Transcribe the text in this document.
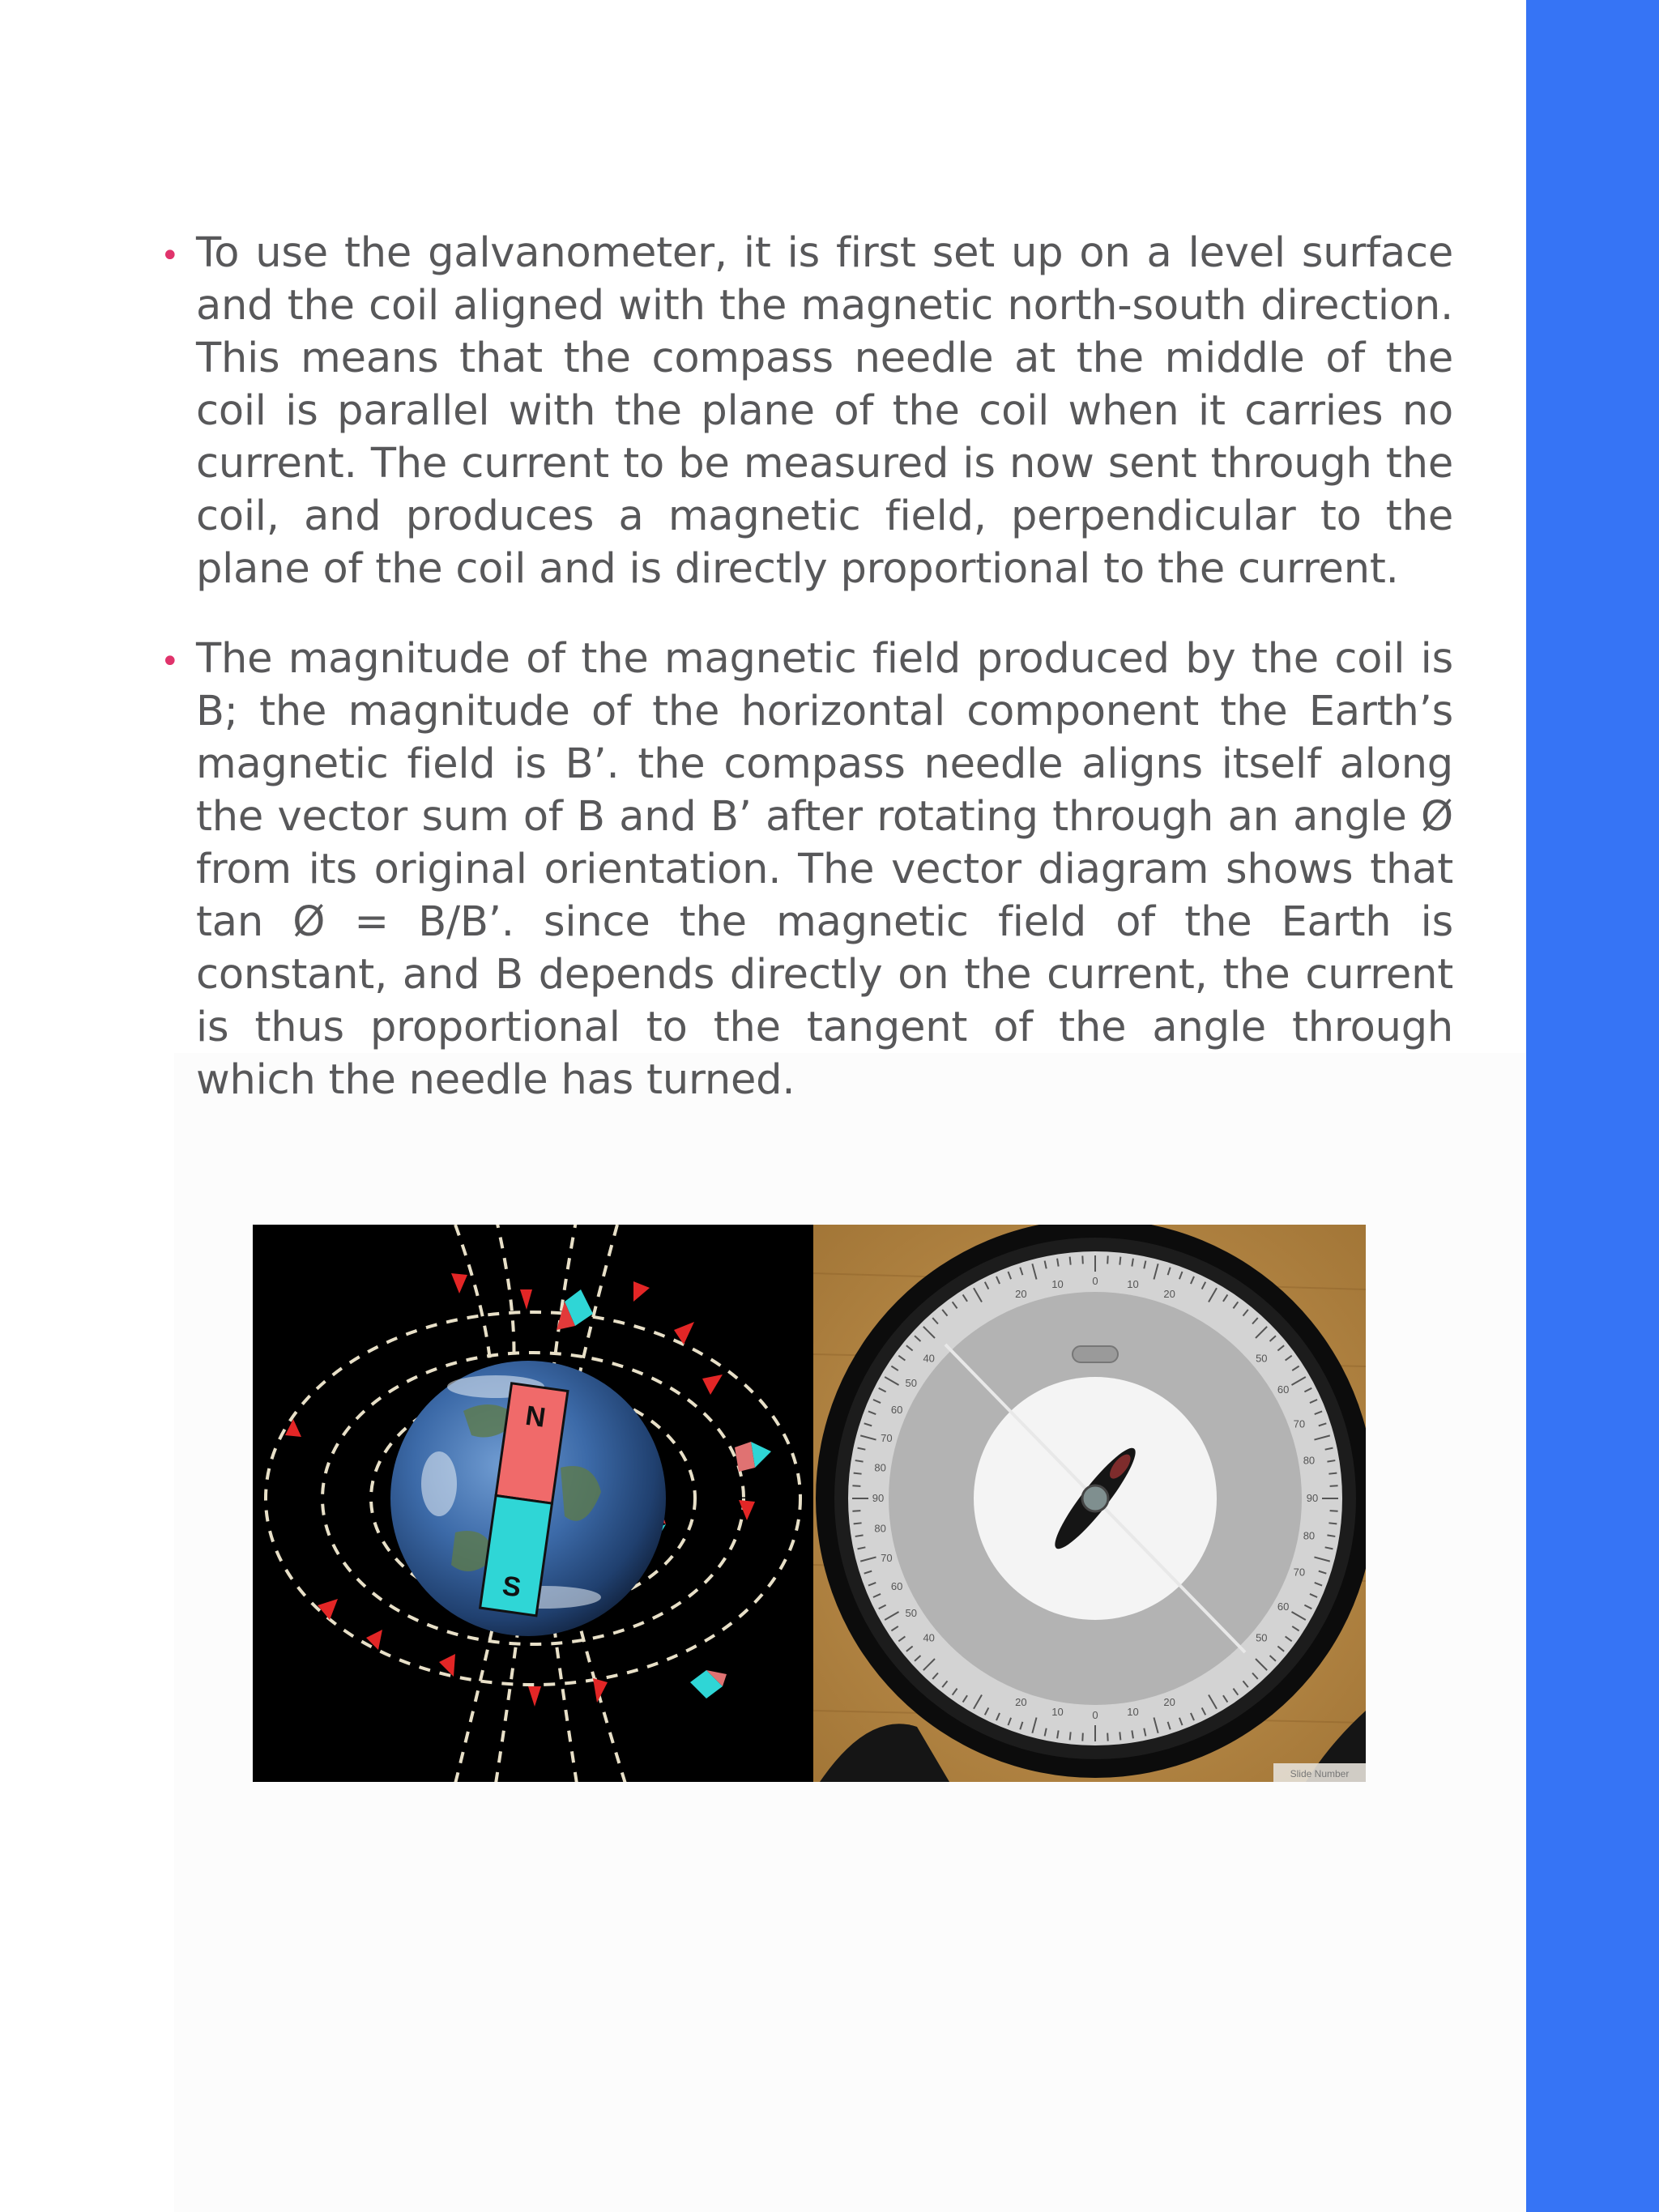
• To use the galvanometer, it is first set up on a level surface and the coil aligned with the magnetic north-south direction. This means that the compass needle at the middle of the coil is parallel with the plane of the coil when it carries no current. The current to be measured is now sent through the coil, and produces a magnetic field, perpendicular to the plane of the coil and is directly proportional to the current.
• The magnitude of the magnetic field produced by the coil is B; the magnitude of the horizontal component the Earth’s magnetic field is B’. the compass needle aligns itself along the vector sum of B and B’ after rotating through an angle Ø from its original orientation. The vector diagram shows that tan Ø = B/B’. since the magnetic field of the Earth is constant, and B depends directly on the current, the current is thus proportional to the tangent of the angle through which the needle has turned.
N
S
20
10	0	10
20
20
10	0	10
20
40
50
60
70
80
90
80
70
60
50
40
50
60
70
80
90
80
70
60
50
Slide Number
